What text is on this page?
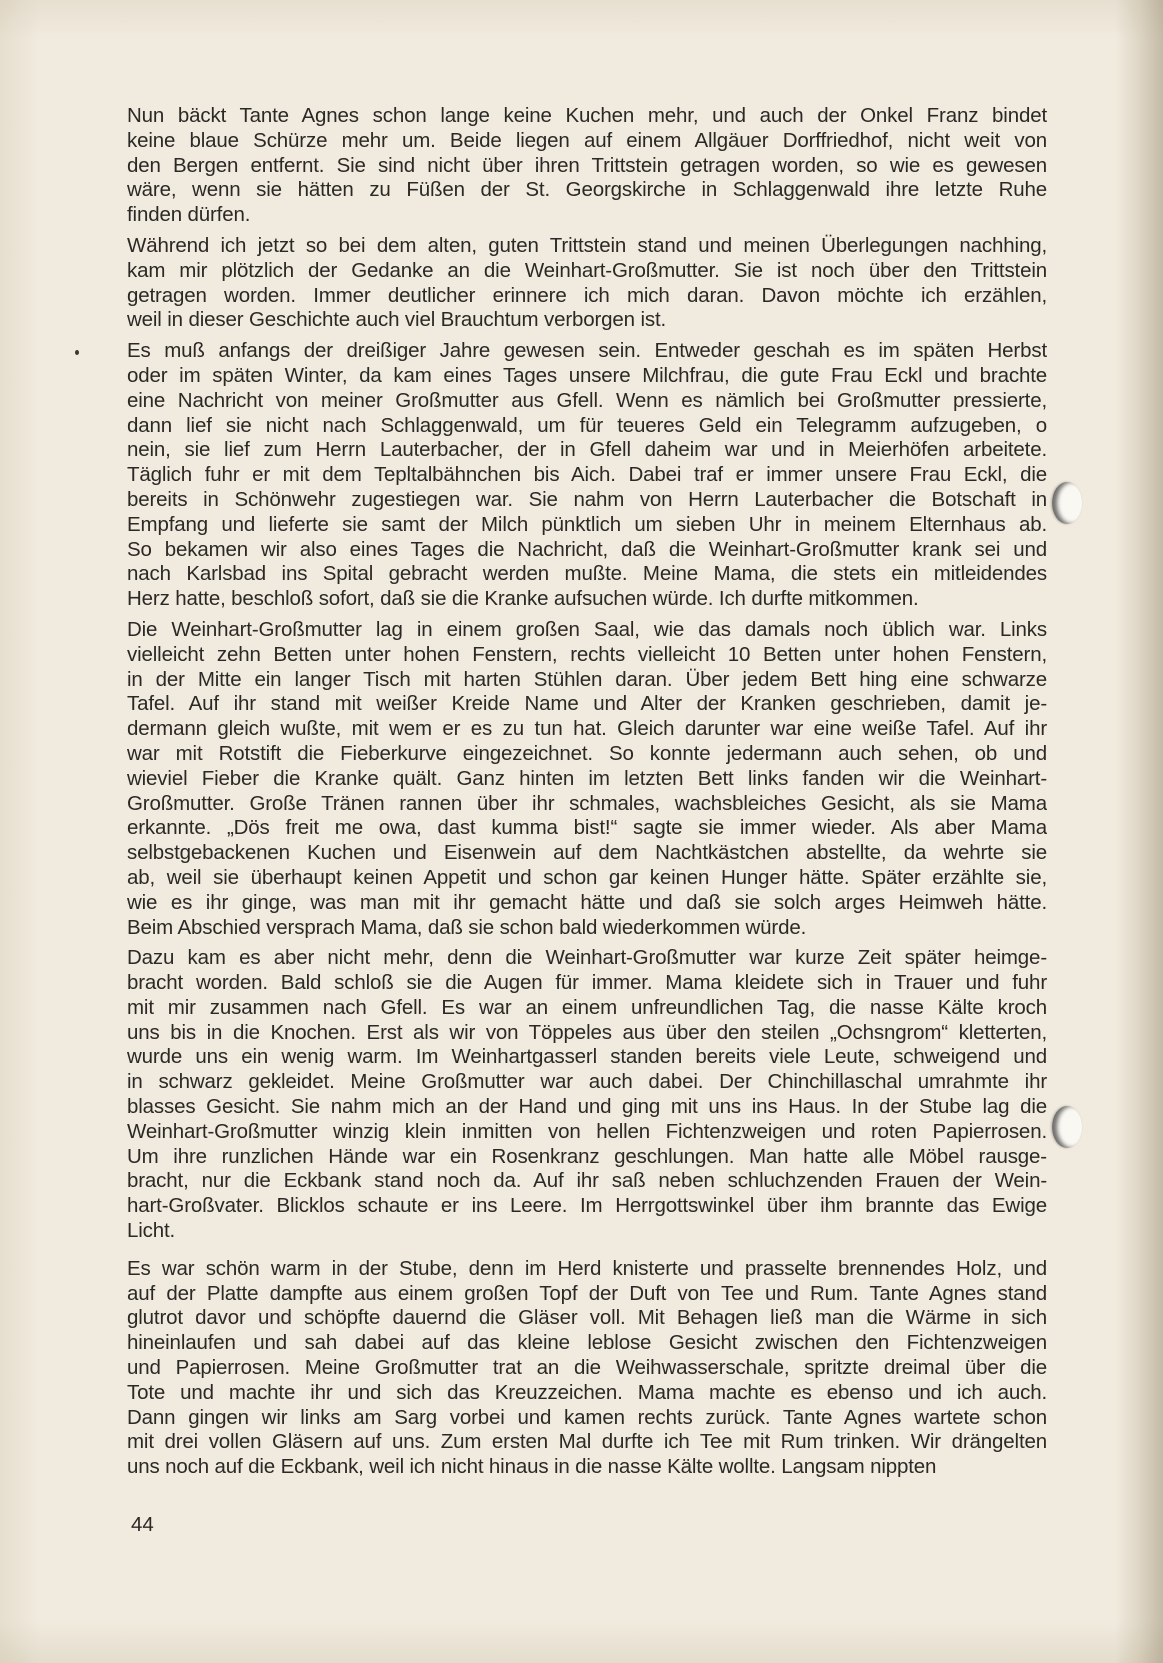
Nun bäckt Tante Agnes schon lange keine Kuchen mehr, und auch der Onkel Franz bindet
keine blaue Schürze mehr um. Beide liegen auf einem Allgäuer Dorffriedhof, nicht weit von
den Bergen entfernt. Sie sind nicht über ihren Trittstein getragen worden, so wie es gewesen
wäre, wenn sie hätten zu Füßen der St. Georgskirche in Schlaggenwald ihre letzte Ruhe
finden dürfen.
Während ich jetzt so bei dem alten, guten Trittstein stand und meinen Überlegungen nachhing,
kam mir plötzlich der Gedanke an die Weinhart-Großmutter. Sie ist noch über den Trittstein
getragen worden. Immer deutlicher erinnere ich mich daran. Davon möchte ich erzählen,
weil in dieser Geschichte auch viel Brauchtum verborgen ist.
Es muß anfangs der dreißiger Jahre gewesen sein. Entweder geschah es im späten Herbst
oder im späten Winter, da kam eines Tages unsere Milchfrau, die gute Frau Eckl und brachte
eine Nachricht von meiner Großmutter aus Gfell. Wenn es nämlich bei Großmutter pressierte,
dann lief sie nicht nach Schlaggenwald, um für teueres Geld ein Telegramm aufzugeben, o
nein, sie lief zum Herrn Lauterbacher, der in Gfell daheim war und in Meierhöfen arbeitete.
Täglich fuhr er mit dem Tepltalbähnchen bis Aich. Dabei traf er immer unsere Frau Eckl, die
bereits in Schönwehr zugestiegen war. Sie nahm von Herrn Lauterbacher die Botschaft in
Empfang und lieferte sie samt der Milch pünktlich um sieben Uhr in meinem Elternhaus ab.
So bekamen wir also eines Tages die Nachricht, daß die Weinhart-Großmutter krank sei und
nach Karlsbad ins Spital gebracht werden mußte. Meine Mama, die stets ein mitleidendes
Herz hatte, beschloß sofort, daß sie die Kranke aufsuchen würde. Ich durfte mitkommen.
Die Weinhart-Großmutter lag in einem großen Saal, wie das damals noch üblich war. Links
vielleicht zehn Betten unter hohen Fenstern, rechts vielleicht 10 Betten unter hohen Fenstern,
in der Mitte ein langer Tisch mit harten Stühlen daran. Über jedem Bett hing eine schwarze
Tafel. Auf ihr stand mit weißer Kreide Name und Alter der Kranken geschrieben, damit je-
dermann gleich wußte, mit wem er es zu tun hat. Gleich darunter war eine weiße Tafel. Auf ihr
war mit Rotstift die Fieberkurve eingezeichnet. So konnte jedermann auch sehen, ob und
wieviel Fieber die Kranke quält. Ganz hinten im letzten Bett links fanden wir die Weinhart-
Großmutter. Große Tränen rannen über ihr schmales, wachsbleiches Gesicht, als sie Mama
erkannte. „Dös freit me owa, dast kumma bist!“ sagte sie immer wieder. Als aber Mama
selbstgebackenen Kuchen und Eisenwein auf dem Nachtkästchen abstellte, da wehrte sie
ab, weil sie überhaupt keinen Appetit und schon gar keinen Hunger hätte. Später erzählte sie,
wie es ihr ginge, was man mit ihr gemacht hätte und daß sie solch arges Heimweh hätte.
Beim Abschied versprach Mama, daß sie schon bald wiederkommen würde.
Dazu kam es aber nicht mehr, denn die Weinhart-Großmutter war kurze Zeit später heimge-
bracht worden. Bald schloß sie die Augen für immer. Mama kleidete sich in Trauer und fuhr
mit mir zusammen nach Gfell. Es war an einem unfreundlichen Tag, die nasse Kälte kroch
uns bis in die Knochen. Erst als wir von Töppeles aus über den steilen „Ochsngrom“ kletterten,
wurde uns ein wenig warm. Im Weinhartgasserl standen bereits viele Leute, schweigend und
in schwarz gekleidet. Meine Großmutter war auch dabei. Der Chinchillaschal umrahmte ihr
blasses Gesicht. Sie nahm mich an der Hand und ging mit uns ins Haus. In der Stube lag die
Weinhart-Großmutter winzig klein inmitten von hellen Fichtenzweigen und roten Papierrosen.
Um ihre runzlichen Hände war ein Rosenkranz geschlungen. Man hatte alle Möbel rausge-
bracht, nur die Eckbank stand noch da. Auf ihr saß neben schluchzenden Frauen der Wein-
hart-Großvater. Blicklos schaute er ins Leere. Im Herrgottswinkel über ihm brannte das Ewige
Licht.
Es war schön warm in der Stube, denn im Herd knisterte und prasselte brennendes Holz, und
auf der Platte dampfte aus einem großen Topf der Duft von Tee und Rum. Tante Agnes stand
glutrot davor und schöpfte dauernd die Gläser voll. Mit Behagen ließ man die Wärme in sich
hineinlaufen und sah dabei auf das kleine leblose Gesicht zwischen den Fichtenzweigen
und Papierrosen. Meine Großmutter trat an die Weihwasserschale, spritzte dreimal über die
Tote und machte ihr und sich das Kreuzzeichen. Mama machte es ebenso und ich auch.
Dann gingen wir links am Sarg vorbei und kamen rechts zurück. Tante Agnes wartete schon
mit drei vollen Gläsern auf uns. Zum ersten Mal durfte ich Tee mit Rum trinken. Wir drängelten
uns noch auf die Eckbank, weil ich nicht hinaus in die nasse Kälte wollte. Langsam nippten
44
